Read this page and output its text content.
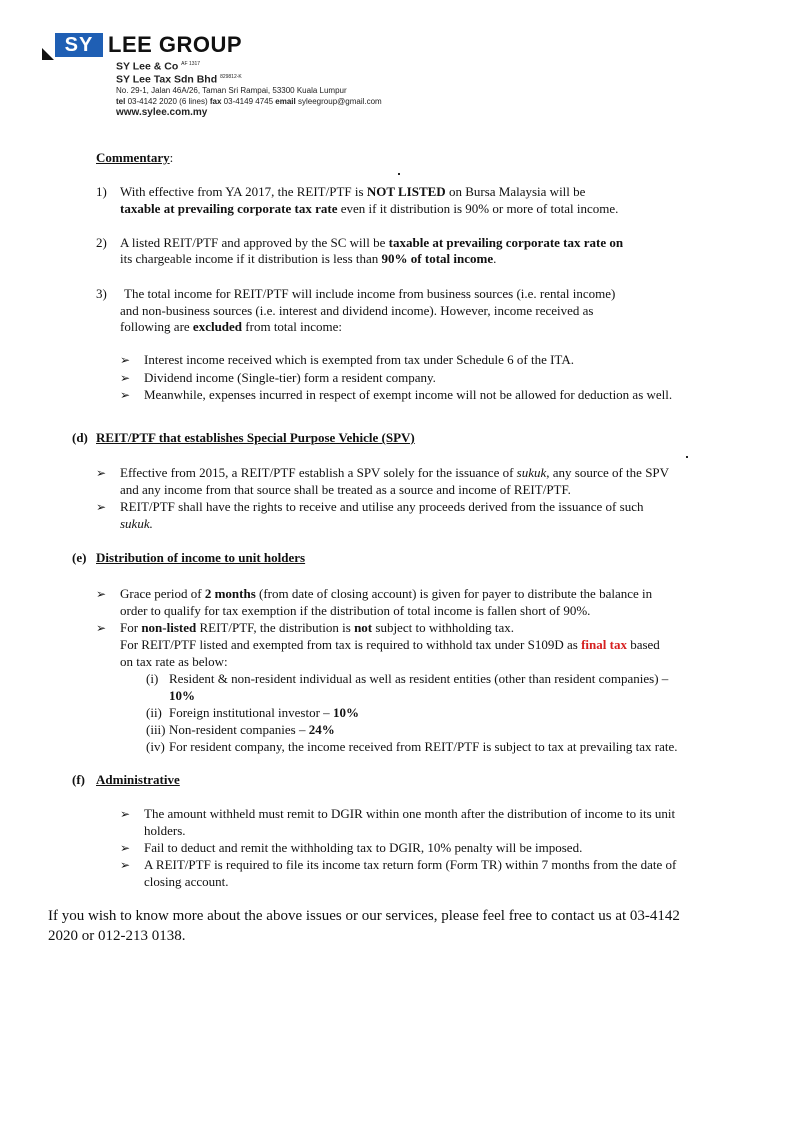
SY LEE GROUP
SY Lee & Co $^{AF 1317}$
SY Lee Tax Sdn Bhd $^{829812-K}$
No. 29-1, Jalan 46A/26, Taman Sri Rampai, 53300 Kuala Lumpur
tel 03-4142 2020 (6 lines) fax 03-4149 4745 email syleegroup@gmail.com
www.sylee.com.my
Commentary:
1) With effective from YA 2017, the REIT/PTF is NOT LISTED on Bursa Malaysia will be
taxable at prevailing corporate tax rate even if it distribution is 90% or more of total income.
2) A listed REIT/PTF and approved by the SC will be taxable at prevailing corporate tax rate on
its chargeable income if it distribution is less than 90% of total income.
3) The total income for REIT/PTF will include income from business sources (i.e. rental income)
and non-business sources (i.e. interest and dividend income). However, income received as
following are excluded from total income:
➢ Interest income received which is exempted from tax under Schedule 6 of the ITA.
➢ Dividend income (Single-tier) form a resident company.
➢ Meanwhile, expenses incurred in respect of exempt income will not be allowed for deduction as well.
(d) REIT/PTF that establishes Special Purpose Vehicle (SPV)
➢ Effective from 2015, a REIT/PTF establish a SPV solely for the issuance of sukuk, any source of the SPV
and any income from that source shall be treated as a source and income of REIT/PTF.
➢ REIT/PTF shall have the rights to receive and utilise any proceeds derived from the issuance of such
sukuk.
(e) Distribution of income to unit holders
➢ Grace period of 2 months (from date of closing account) is given for payer to distribute the balance in
order to qualify for tax exemption if the distribution of total income is fallen short of 90%.
➢ For non-listed REIT/PTF, the distribution is not subject to withholding tax.
For REIT/PTF listed and exempted from tax is required to withhold tax under S109D as final tax based
on tax rate as below:
(i) Resident & non-resident individual as well as resident entities (other than resident companies) –
10%
(ii) Foreign institutional investor – 10%
(iii) Non-resident companies – 24%
(iv) For resident company, the income received from REIT/PTF is subject to tax at prevailing tax rate.
(f) Administrative
➢ The amount withheld must remit to DGIR within one month after the distribution of income to its unit
holders.
➢ Fail to deduct and remit the withholding tax to DGIR, 10% penalty will be imposed.
➢ A REIT/PTF is required to file its income tax return form (Form TR) within 7 months from the date of
closing account.
If you wish to know more about the above issues or our services, please feel free to contact us at 03-4142
2020 or 012-213 0138.
